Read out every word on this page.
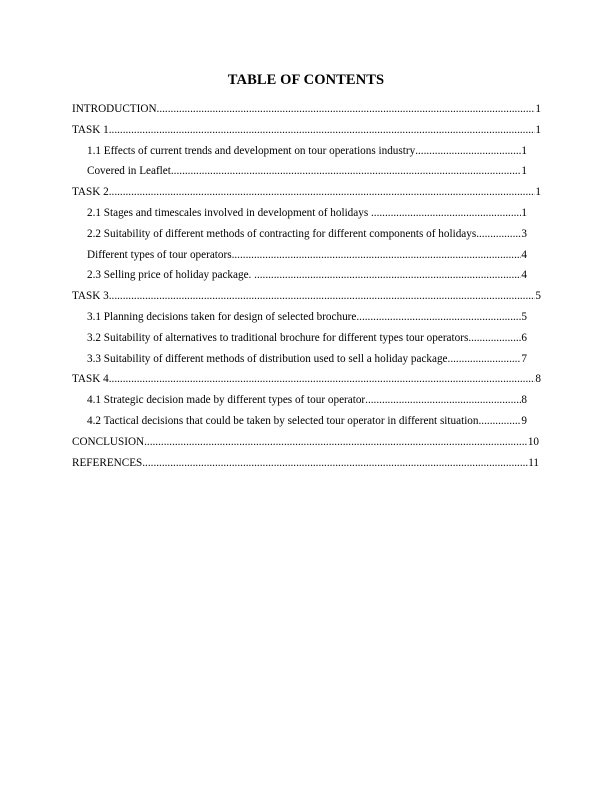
TABLE OF CONTENTS
INTRODUCTION .....	1
TASK 1 .....	1
1.1 Effects of current trends and development on tour operations industry .....	1
Covered in Leaflet .....	1
TASK 2 .....	1
2.1 Stages and timescales involved in development of holidays .....	1
2.2 Suitability of different methods of contracting for different components of holidays .....	3
Different types of tour operators .....	4
2.3 Selling price of holiday package. .....	4
TASK 3 .....	5
3.1 Planning decisions taken for design of selected brochure .....	5
3.2 Suitability of alternatives to traditional brochure for different types tour operators .....	6
3.3 Suitability of different methods of distribution used to sell a holiday package .....	7
TASK 4 .....	8
4.1 Strategic decision made by different types of tour operator .....	8
4.2 Tactical decisions that could be taken by selected tour operator in different situation .....	9
CONCLUSION .....	10
REFERENCES .....	11
